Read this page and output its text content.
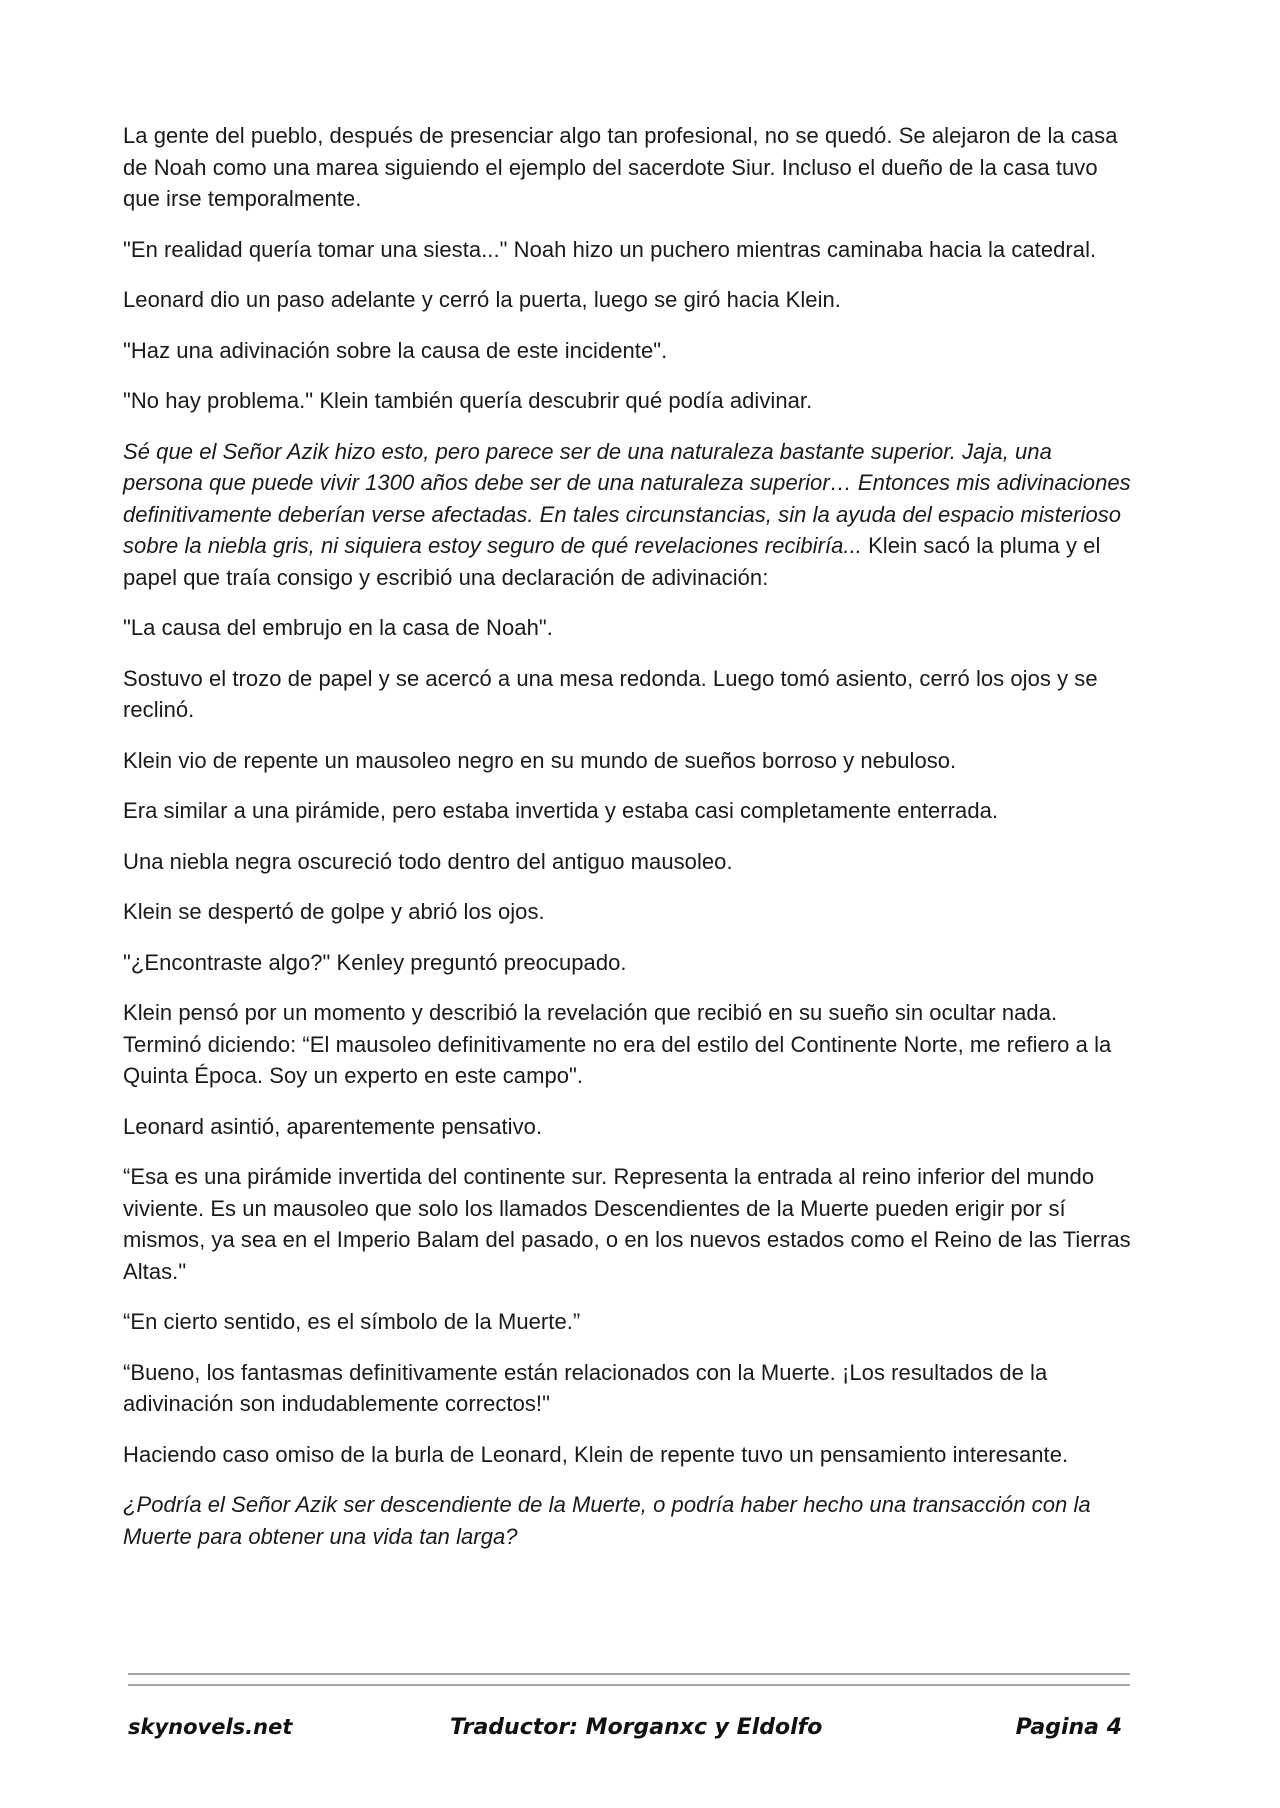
La gente del pueblo, después de presenciar algo tan profesional, no se quedó. Se alejaron de la casa de Noah como una marea siguiendo el ejemplo del sacerdote Siur. Incluso el dueño de la casa tuvo que irse temporalmente.

"En realidad quería tomar una siesta..." Noah hizo un puchero mientras caminaba hacia la catedral.

Leonard dio un paso adelante y cerró la puerta, luego se giró hacia Klein.

"Haz una adivinación sobre la causa de este incidente".

"No hay problema." Klein también quería descubrir qué podía adivinar.

Sé que el Señor Azik hizo esto, pero parece ser de una naturaleza bastante superior. Jaja, una persona que puede vivir 1300 años debe ser de una naturaleza superior… Entonces mis adivinaciones definitivamente deberían verse afectadas. En tales circunstancias, sin la ayuda del espacio misterioso sobre la niebla gris, ni siquiera estoy seguro de qué revelaciones recibiría... Klein sacó la pluma y el papel que traía consigo y escribió una declaración de adivinación:

"La causa del embrujo en la casa de Noah".

Sostuvo el trozo de papel y se acercó a una mesa redonda. Luego tomó asiento, cerró los ojos y se reclinó.

Klein vio de repente un mausoleo negro en su mundo de sueños borroso y nebuloso.

Era similar a una pirámide, pero estaba invertida y estaba casi completamente enterrada.

Una niebla negra oscureció todo dentro del antiguo mausoleo.

Klein se despertó de golpe y abrió los ojos.

"¿Encontraste algo?" Kenley preguntó preocupado.

Klein pensó por un momento y describió la revelación que recibió en su sueño sin ocultar nada. Terminó diciendo: “El mausoleo definitivamente no era del estilo del Continente Norte, me refiero a la Quinta Época. Soy un experto en este campo".

Leonard asintió, aparentemente pensativo.

“Esa es una pirámide invertida del continente sur. Representa la entrada al reino inferior del mundo viviente. Es un mausoleo que solo los llamados Descendientes de la Muerte pueden erigir por sí mismos, ya sea en el Imperio Balam del pasado, o en los nuevos estados como el Reino de las Tierras Altas."

“En cierto sentido, es el símbolo de la Muerte.”

“Bueno, los fantasmas definitivamente están relacionados con la Muerte. ¡Los resultados de la adivinación son indudablemente correctos!"

Haciendo caso omiso de la burla de Leonard, Klein de repente tuvo un pensamiento interesante.

¿Podría el Señor Azik ser descendiente de la Muerte, o podría haber hecho una transacción con la Muerte para obtener una vida tan larga?

skynovels.net	Traductor: Morganxc y Eldolfo	Pagina 4
